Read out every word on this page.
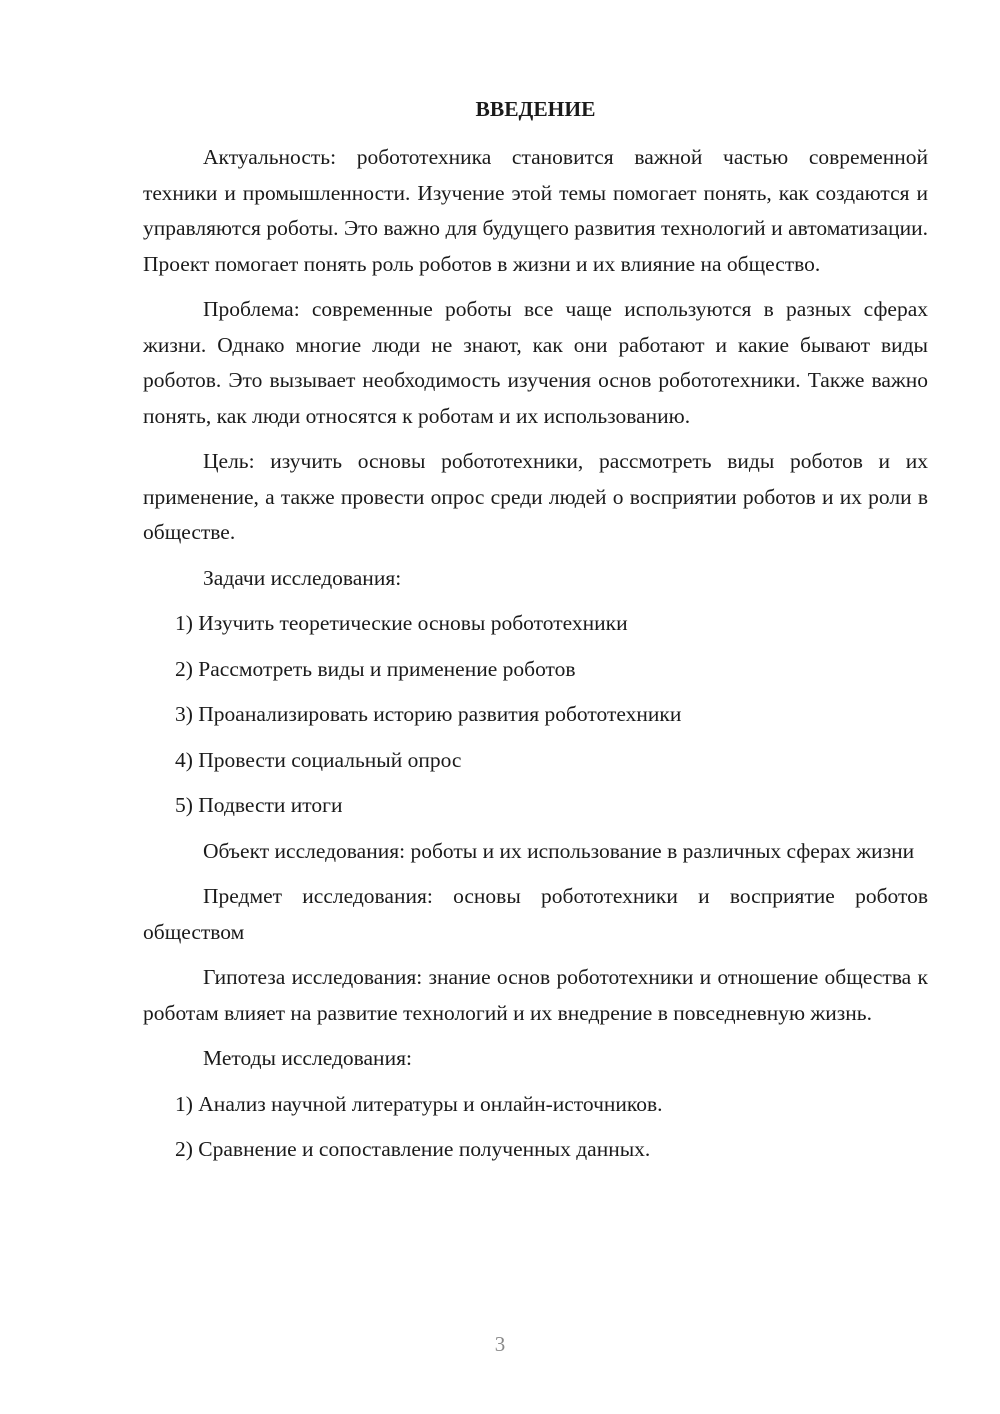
ВВЕДЕНИЕ

Актуальность: робототехника становится важной частью современной техники и промышленности. Изучение этой темы помогает понять, как создаются и управляются роботы. Это важно для будущего развития технологий и автоматизации. Проект помогает понять роль роботов в жизни и их влияние на общество.

Проблема: современные роботы все чаще используются в разных сферах жизни. Однако многие люди не знают, как они работают и какие бывают виды роботов. Это вызывает необходимость изучения основ робототехники. Также важно понять, как люди относятся к роботам и их использованию.

Цель: изучить основы робототехники, рассмотреть виды роботов и их применение, а также провести опрос среди людей о восприятии роботов и их роли в обществе.

Задачи исследования:

1) Изучить теоретические основы робототехники
2) Рассмотреть виды и применение роботов
3) Проанализировать историю развития робототехники
4) Провести социальный опрос
5) Подвести итоги

Объект исследования: роботы и их использование в различных сферах жизни

Предмет исследования: основы робототехники и восприятие роботов обществом

Гипотеза исследования: знание основ робототехники и отношение общества к роботам влияет на развитие технологий и их внедрение в повседневную жизнь.

Методы исследования:

1) Анализ научной литературы и онлайн-источников.
2) Сравнение и сопоставление полученных данных.
3
